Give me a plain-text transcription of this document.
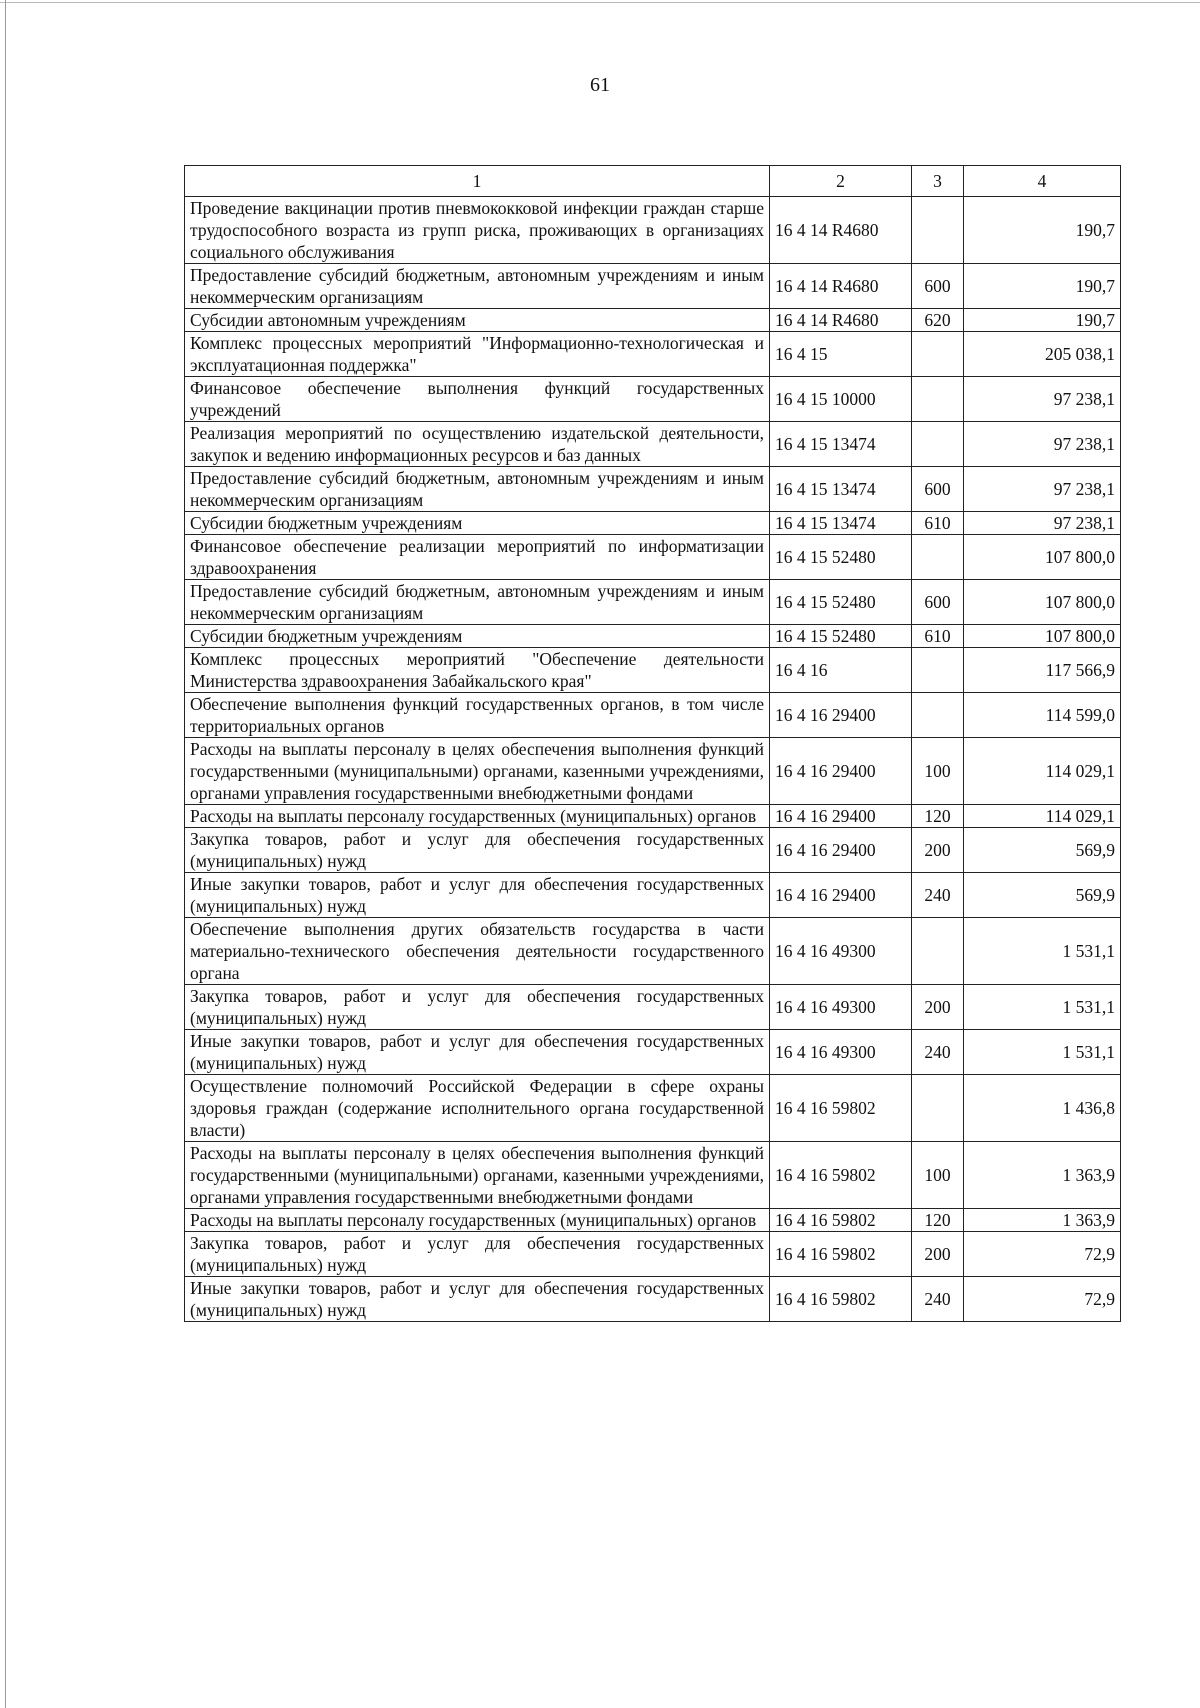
61
1	2	3	4
Проведение вакцинации против пневмококковой инфекции граждан старше трудоспособного возраста из групп риска, проживающих в организациях социального обслуживания	16 4 14 R4680		190,7
Предоставление субсидий бюджетным, автономным учреждениям и иным некоммерческим организациям	16 4 14 R4680	600	190,7
Субсидии автономным учреждениям	16 4 14 R4680	620	190,7
Комплекс процессных мероприятий "Информационно-технологическая и эксплуатационная поддержка"	16 4 15		205 038,1
Финансовое обеспечение выполнения функций государственных учреждений	16 4 15 10000		97 238,1
Реализация мероприятий по осуществлению издательской деятельности, закупок и ведению информационных ресурсов и баз данных	16 4 15 13474		97 238,1
Предоставление субсидий бюджетным, автономным учреждениям и иным некоммерческим организациям	16 4 15 13474	600	97 238,1
Субсидии бюджетным учреждениям	16 4 15 13474	610	97 238,1
Финансовое обеспечение реализации мероприятий по информатизации здравоохранения	16 4 15 52480		107 800,0
Предоставление субсидий бюджетным, автономным учреждениям и иным некоммерческим организациям	16 4 15 52480	600	107 800,0
Субсидии бюджетным учреждениям	16 4 15 52480	610	107 800,0
Комплекс процессных мероприятий "Обеспечение деятельности Министерства здравоохранения Забайкальского края"	16 4 16		117 566,9
Обеспечение выполнения функций государственных органов, в том числе территориальных органов	16 4 16 29400		114 599,0
Расходы на выплаты персоналу в целях обеспечения выполнения функций государственными (муниципальными) органами, казенными учреждениями, органами управления государственными внебюджетными фондами	16 4 16 29400	100	114 029,1
Расходы на выплаты персоналу государственных (муниципальных) органов	16 4 16 29400	120	114 029,1
Закупка товаров, работ и услуг для обеспечения государственных (муниципальных) нужд	16 4 16 29400	200	569,9
Иные закупки товаров, работ и услуг для обеспечения государственных (муниципальных) нужд	16 4 16 29400	240	569,9
Обеспечение выполнения других обязательств государства в части материально-технического обеспечения деятельности государственного органа	16 4 16 49300		1 531,1
Закупка товаров, работ и услуг для обеспечения государственных (муниципальных) нужд	16 4 16 49300	200	1 531,1
Иные закупки товаров, работ и услуг для обеспечения государственных (муниципальных) нужд	16 4 16 49300	240	1 531,1
Осуществление полномочий Российской Федерации в сфере охраны здоровья граждан (содержание исполнительного органа государственной власти)	16 4 16 59802		1 436,8
Расходы на выплаты персоналу в целях обеспечения выполнения функций государственными (муниципальными) органами, казенными учреждениями, органами управления государственными внебюджетными фондами	16 4 16 59802	100	1 363,9
Расходы на выплаты персоналу государственных (муниципальных) органов	16 4 16 59802	120	1 363,9
Закупка товаров, работ и услуг для обеспечения государственных (муниципальных) нужд	16 4 16 59802	200	72,9
Иные закупки товаров, работ и услуг для обеспечения государственных (муниципальных) нужд	16 4 16 59802	240	72,9
